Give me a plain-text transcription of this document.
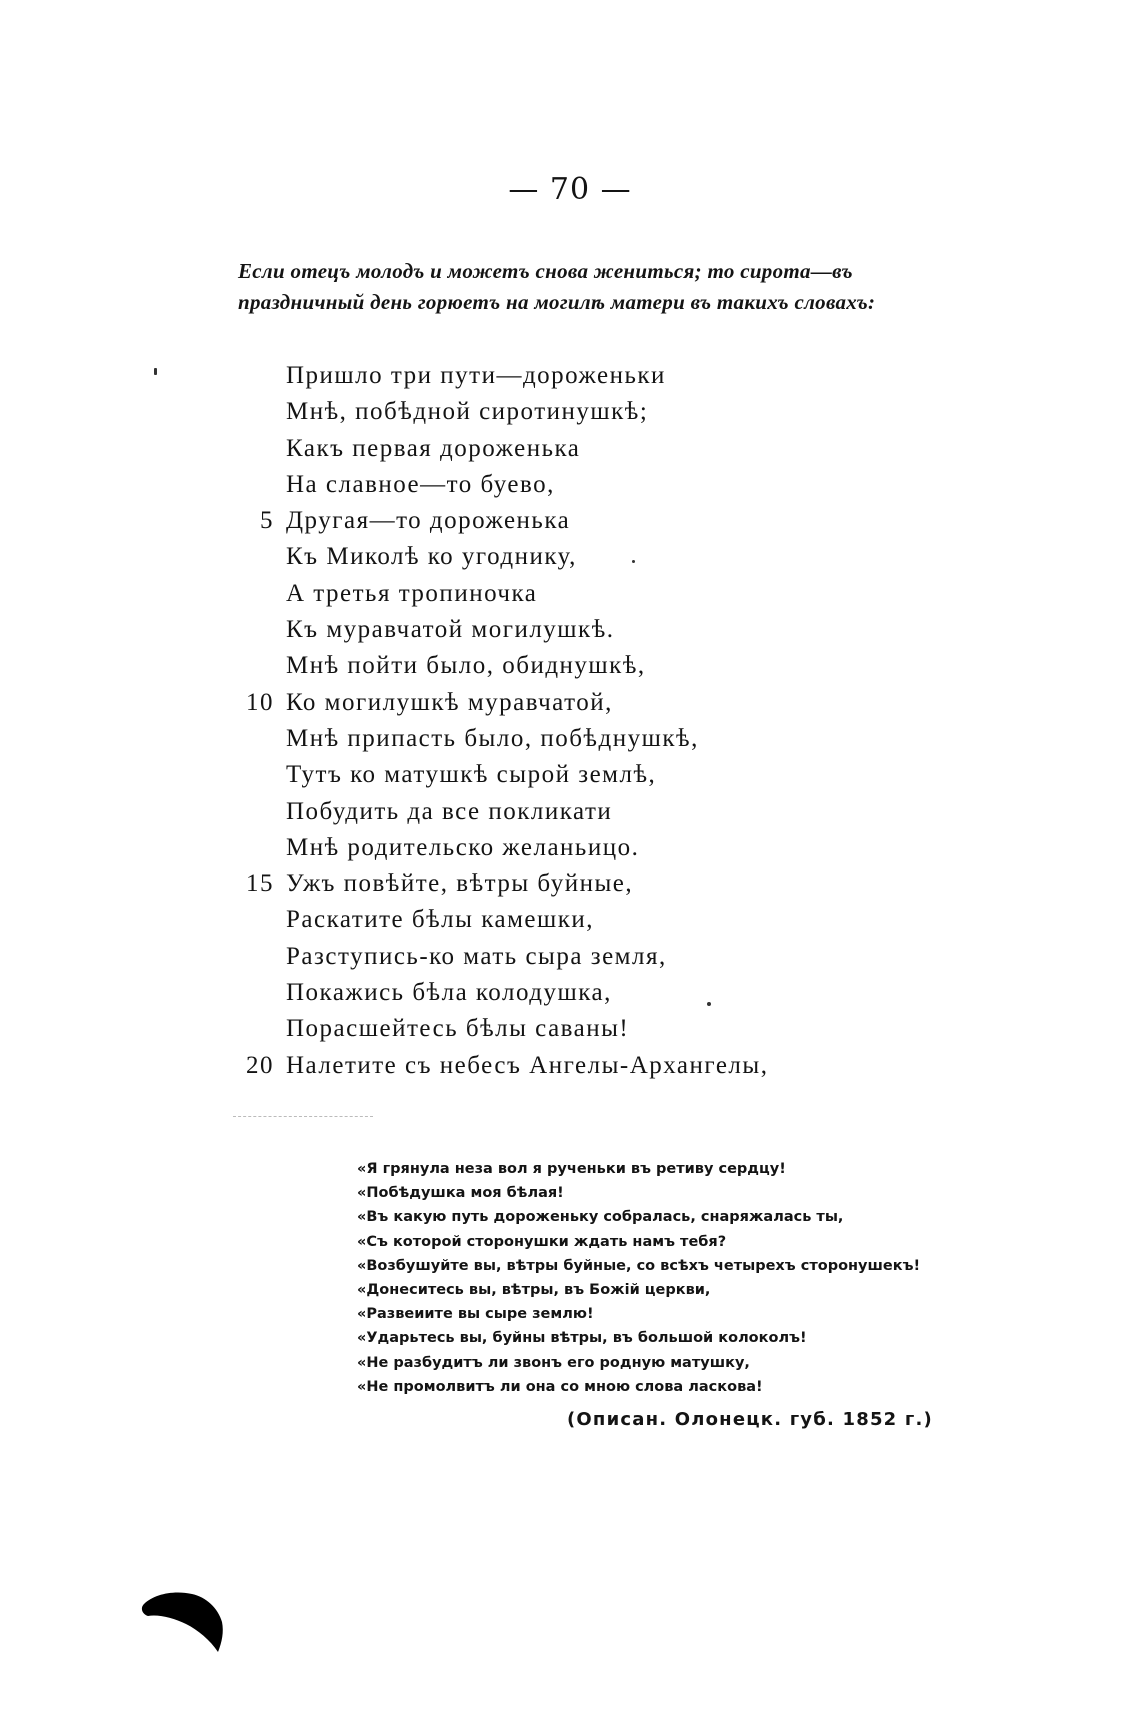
— 70 —
Если отецъ молодъ и можетъ снова жениться; то сирота—въ
праздничный день горюетъ на могилѣ матери въ такихъ словахъ:
Пришло три пути—дороженьки
Мнѣ, побѣдной сиротинушкѣ;
Какъ первая дороженька
На славное—то буево,
5 Другая—то дороженька
Къ Миколѣ ко угоднику,
А третья тропиночка
Къ муравчатой могилушкѣ.
Мнѣ пойти было, обиднушкѣ,
10 Ко могилушкѣ муравчатой,
Мнѣ припасть было, побѣднушкѣ,
Тутъ ко матушкѣ сырой землѣ,
Побудить да все покликати
Мнѣ родительско желаньицо.
15 Ужъ повѣйте, вѣтры буйные,
Раскатите бѣлы камешки,
Разступись-ко мать сыра земля,
Покажись бѣла колодушка,
Порасшейтесь бѣлы саваны!
20 Налетите съ небесъ Ангелы-Архангелы,
«Я грянула неза вол я рученьки въ ретиву сердцу!
«Побѣдушка моя бѣлая!
«Въ какую путь дороженьку собралась, снаряжалась ты,
«Съ которой сторонушки ждать намъ тебя?
«Возбушуйте вы, вѣтры буйные, со всѣхъ четырехъ сторонушекъ!
«Донеситесь вы, вѣтры, въ Божій церкви,
«Развеиите вы сыре землю!
«Ударьтесь вы, буйны вѣтры, въ большой колоколъ!
«Не разбудитъ ли звонъ его родную матушку,
«Не промолвитъ ли она со мною слова ласкова!
(Описан. Олонецк. губ. 1852 г.)
